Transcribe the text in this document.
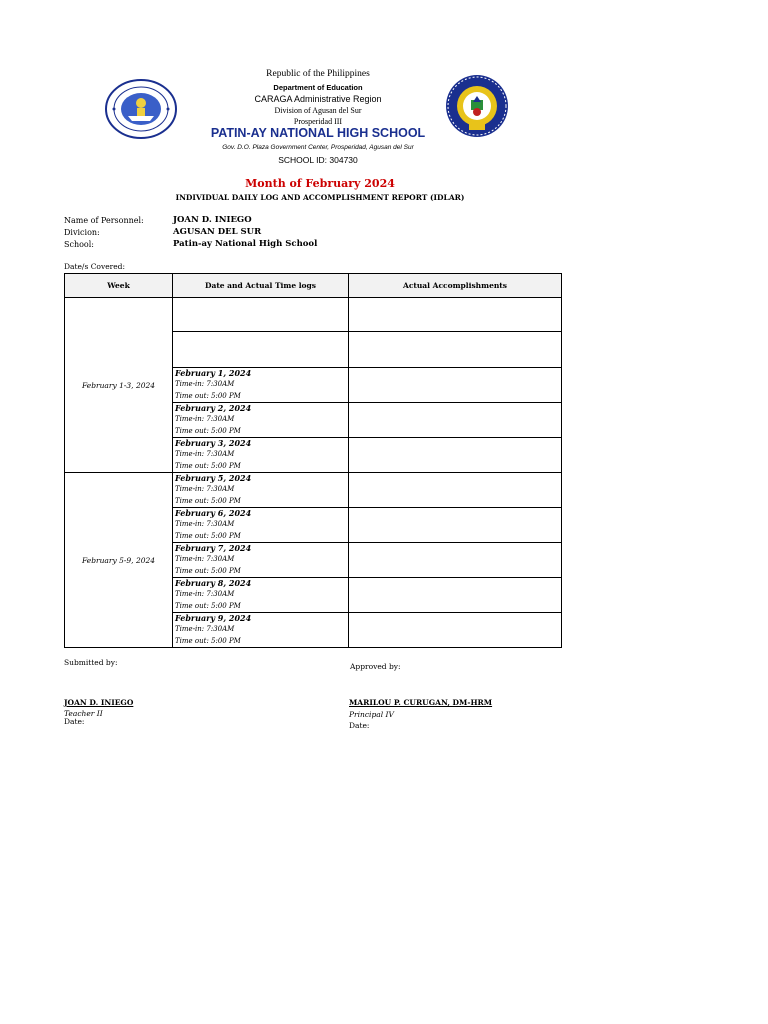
Republic of the Philippines
Department of Education
CARAGA Administrative Region
Division of Agusan del Sur
Prosperidad III
PATIN-AY NATIONAL HIGH SCHOOL
Gov. D.O. Plaza Government Center, Prosperidad, Agusan del Sur
SCHOOL ID: 304730
Month of February 2024
INDIVIDUAL DAILY LOG AND ACCOMPLISHMENT REPORT (IDLAR)
Name of Personnel:	JOAN D. INIEGO
Divicion:	AGUSAN DEL SUR
School:	Patin-ay National High School
Date/s Covered:
Week	Date and Actual Time logs	Actual Accomplishments
February 1-3, 2024		

	February 1, 2024
Time-in: 7:30AM
Time out: 5:00 PM	

	February 2, 2024
Time-in: 7:30AM
Time out: 5:00 PM	

	February 3, 2024
Time-in: 7:30AM
Time out: 5:00 PM	

February 5-9, 2024	February 5, 2024
Time-in: 7:30AM
Time out: 5:00 PM	

	February 6, 2024
Time-in: 7:30AM
Time out: 5:00 PM	

	February 7, 2024
Time-in: 7:30AM
Time out: 5:00 PM	

	February 8, 2024
Time-in: 7:30AM
Time out: 5:00 PM	

	February 9, 2024
Time-in: 7:30AM
Time out: 5:00 PM	

Submitted by:	Approved by:
JOAN D. INIEGO
Teacher II
Date:
MARILOU P. CURUGAN, DM-HRM
Principal IV
Date:
